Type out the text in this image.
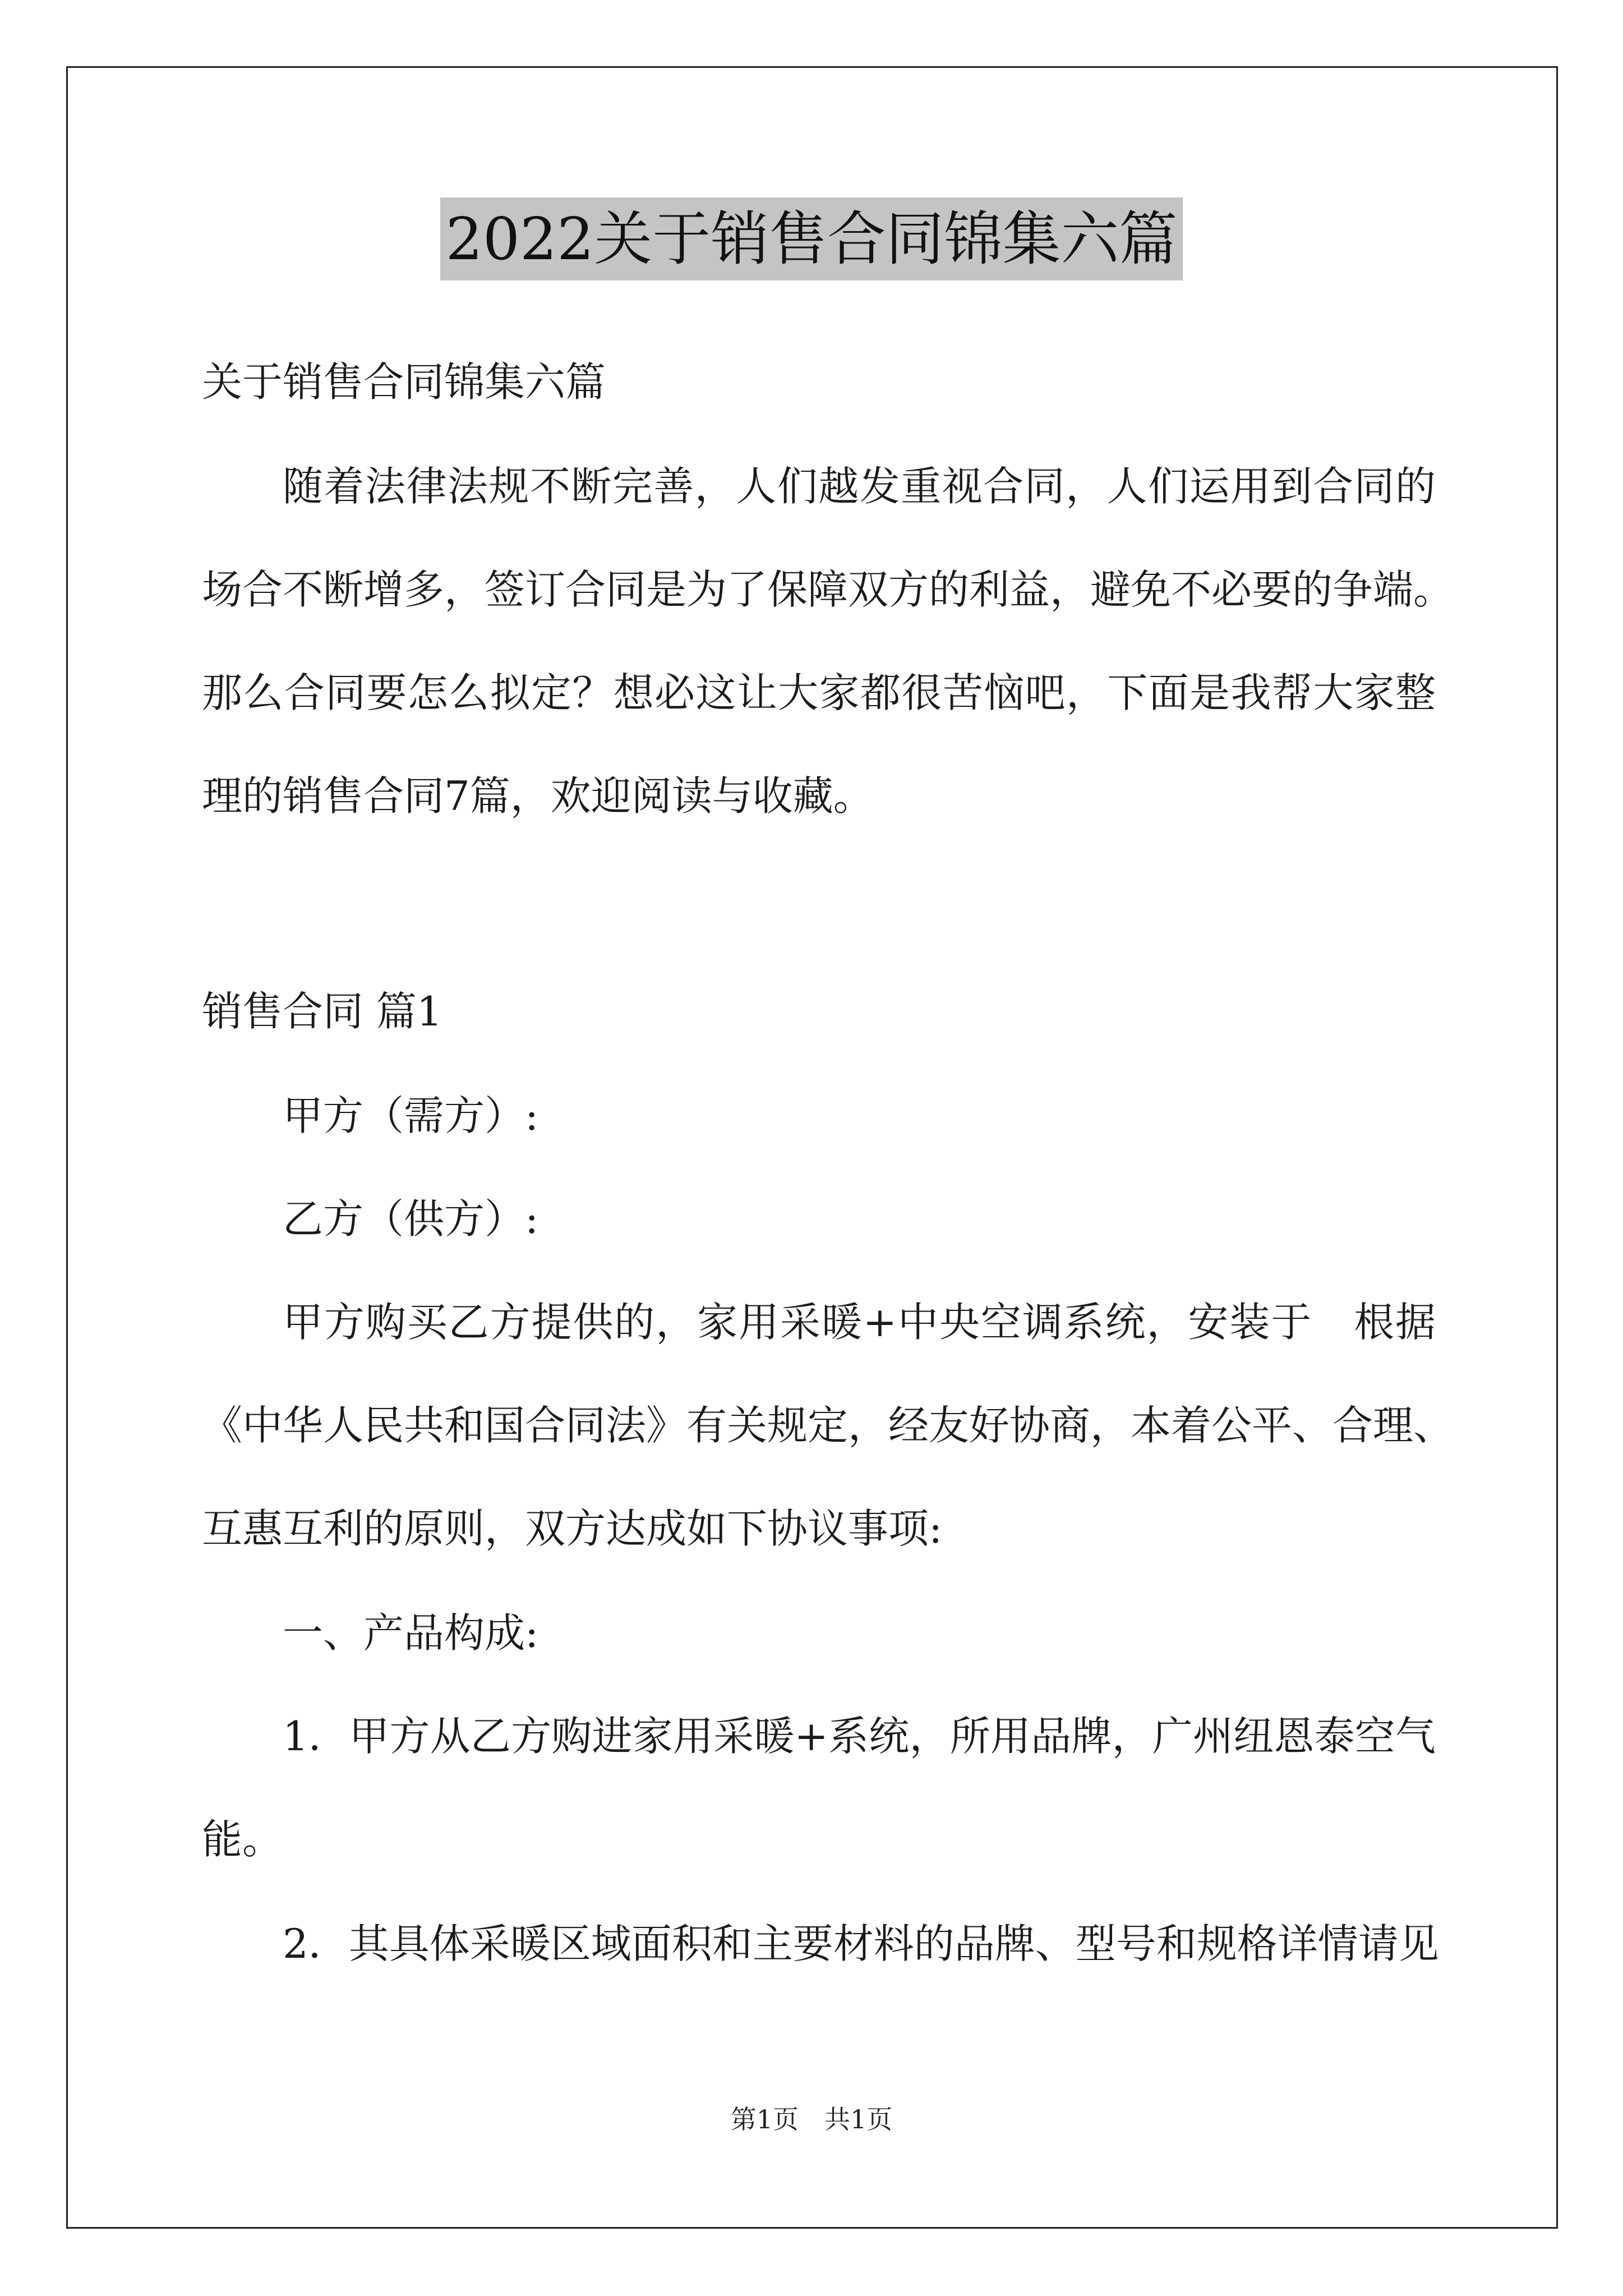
2022关于销售合同锦集六篇
关于销售合同锦集六篇
随着法律法规不断完善，人们越发重视合同，人们运用到合同的
场合不断增多，签订合同是为了保障双方的利益，避免不必要的争端。
那么合同要怎么拟定？想必这让大家都很苦恼吧，下面是我帮大家整
理的销售合同7篇，欢迎阅读与收藏。
销售合同 篇1
甲方（需方）:
乙方（供方）:
甲方购买乙方提供的，家用采暖+中央空调系统，安装于　根据
《中华人民共和国合同法》有关规定，经友好协商，本着公平、合理、
互惠互利的原则，双方达成如下协议事项:
一、产品构成:
1．甲方从乙方购进家用采暖+系统，所用品牌，广州纽恩泰空气
能。
2．其具体采暖区域面积和主要材料的品牌、型号和规格详情请见
第1页　共1页
